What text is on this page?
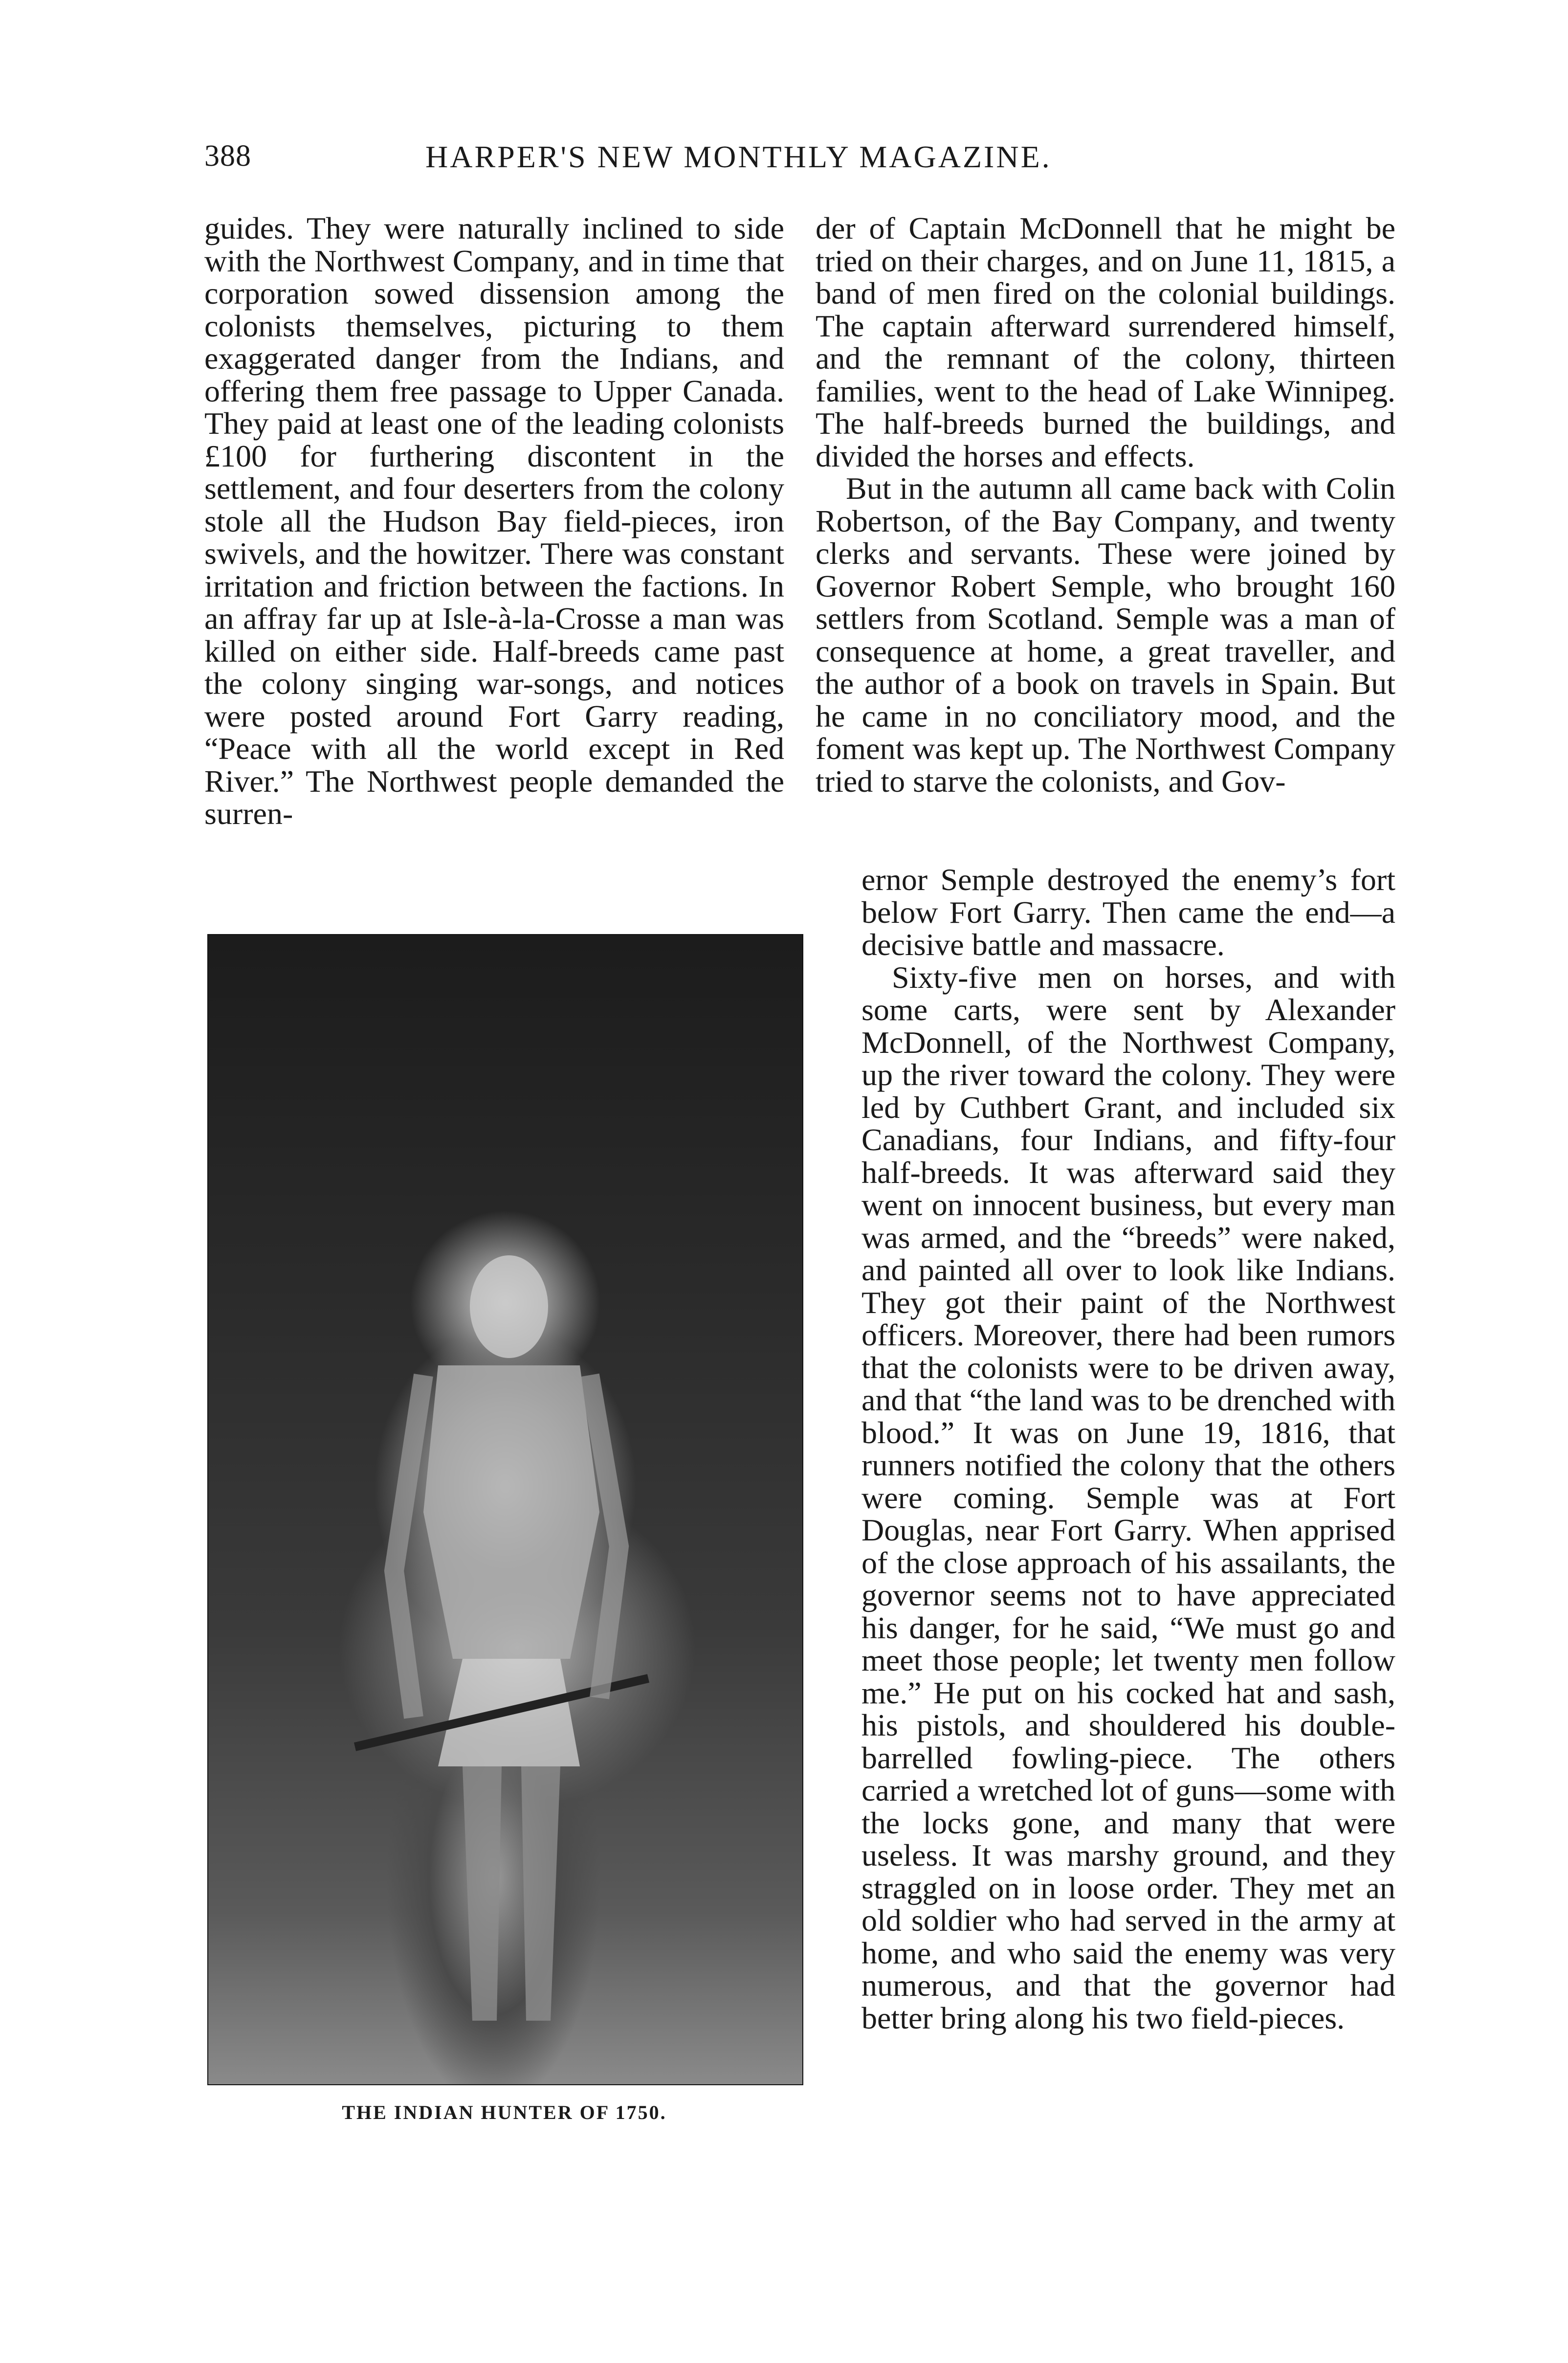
388	HARPER'S NEW MONTHLY MAGAZINE.

guides. They were naturally inclined to side with the Northwest Company, and in time that corporation sowed dissension among the colonists themselves, picturing to them exaggerated danger from the Indians, and offering them free passage to Upper Canada. They paid at least one of the leading colonists £100 for furthering discontent in the settlement, and four deserters from the colony stole all the Hudson Bay field-pieces, iron swivels, and the howitzer. There was constant irritation and friction between the factions. In an affray far up at Isle-à-la-Crosse a man was killed on either side. Half-breeds came past the colony singing war-songs, and notices were posted around Fort Garry reading, “Peace with all the world except in Red River.” The Northwest people demanded the surren-

der of Captain McDonnell that he might be tried on their charges, and on June 11, 1815, a band of men fired on the colonial buildings. The captain afterward surrendered himself, and the remnant of the colony, thirteen families, went to the head of Lake Winnipeg. The half-breeds burned the buildings, and divided the horses and effects.

But in the autumn all came back with Colin Robertson, of the Bay Company, and twenty clerks and servants. These were joined by Governor Robert Semple, who brought 160 settlers from Scotland. Semple was a man of consequence at home, a great traveller, and the author of a book on travels in Spain. But he came in no conciliatory mood, and the foment was kept up. The Northwest Company tried to starve the colonists, and Gov-

ernor Semple destroyed the enemy’s fort below Fort Garry. Then came the end—a decisive battle and massacre.

Sixty-five men on horses, and with some carts, were sent by Alexander McDonnell, of the Northwest Company, up the river toward the colony. They were led by Cuthbert Grant, and included six Canadians, four Indians, and fifty-four half-breeds. It was afterward said they went on innocent business, but every man was armed, and the “breeds” were naked, and painted all over to look like Indians. They got their paint of the Northwest officers. Moreover, there had been rumors that the colonists were to be driven away, and that “the land was to be drenched with blood.” It was on June 19, 1816, that runners notified the colony that the others were coming. Semple was at Fort Douglas, near Fort Garry. When apprised of the close approach of his assailants, the governor seems not to have appreciated his danger, for he said, “We must go and meet those people; let twenty men follow me.” He put on his cocked hat and sash, his pistols, and shouldered his double-barrelled fowling-piece. The others carried a wretched lot of guns—some with the locks gone, and many that were useless. It was marshy ground, and they straggled on in loose order. They met an old soldier who had served in the army at home, and who said the enemy was very numerous, and that the governor had better bring along his two field-pieces.

THE INDIAN HUNTER OF 1750.
